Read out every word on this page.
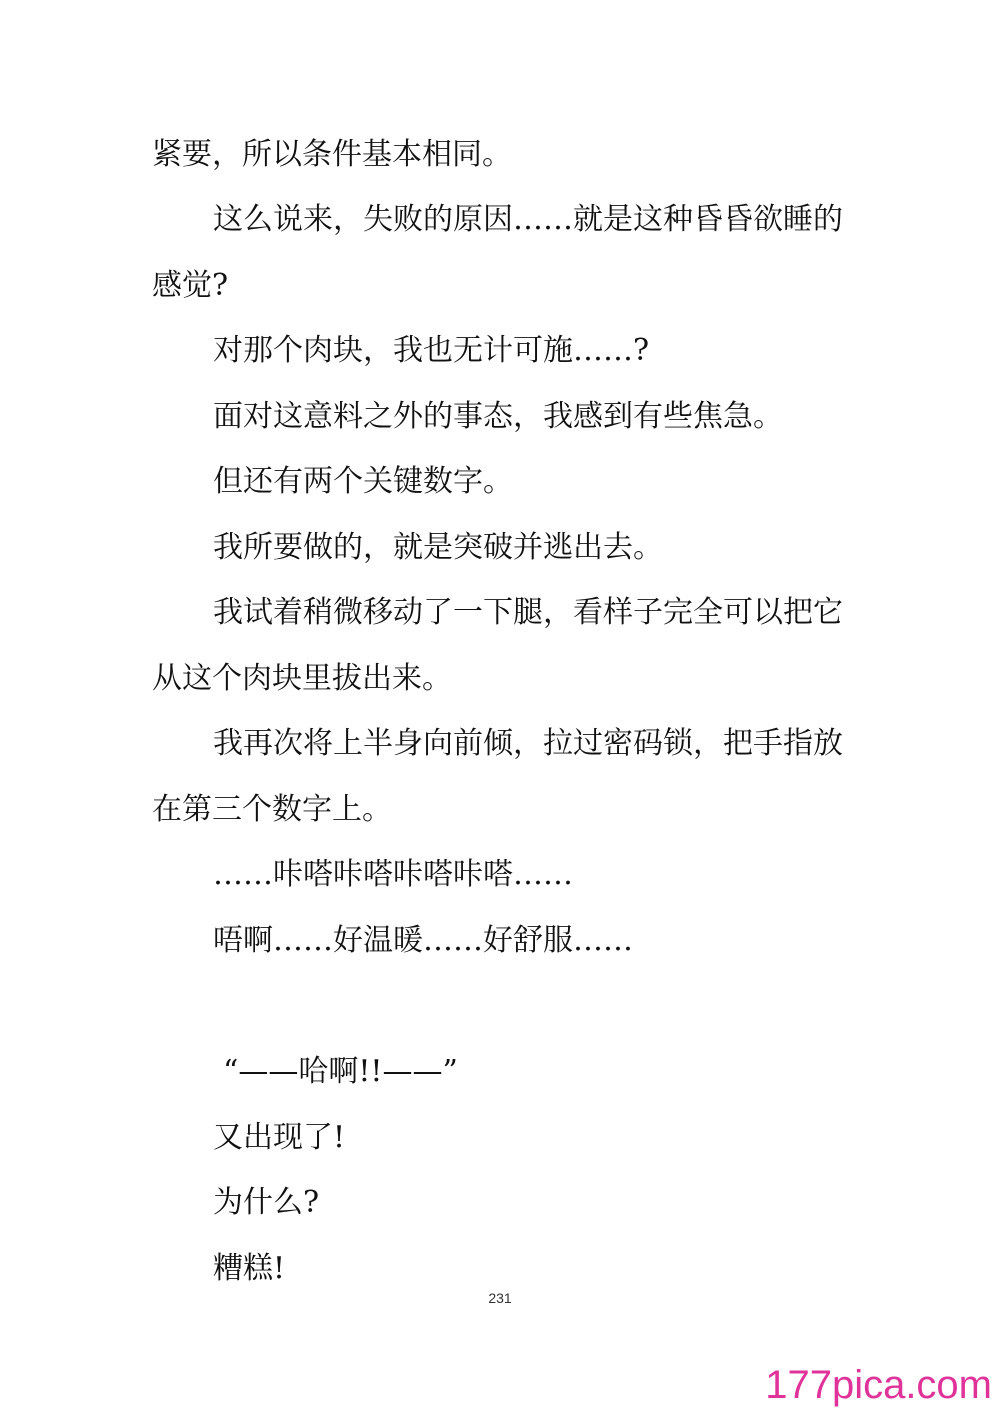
紧要，所以条件基本相同。
这么说来，失败的原因……就是这种昏昏欲睡的
感觉?
对那个肉块，我也无计可施……?
面对这意料之外的事态，我感到有些焦急。
但还有两个关键数字。
我所要做的，就是突破并逃出去。
我试着稍微移动了一下腿，看样子完全可以把它
从这个肉块里拔出来。
我再次将上半身向前倾，拉过密码锁，把手指放
在第三个数字上。
……咔嗒咔嗒咔嗒咔嗒……
唔啊……好温暖……好舒服……
“——哈啊!!——”
又出现了!
为什么?
糟糕!
231
177pica.com
